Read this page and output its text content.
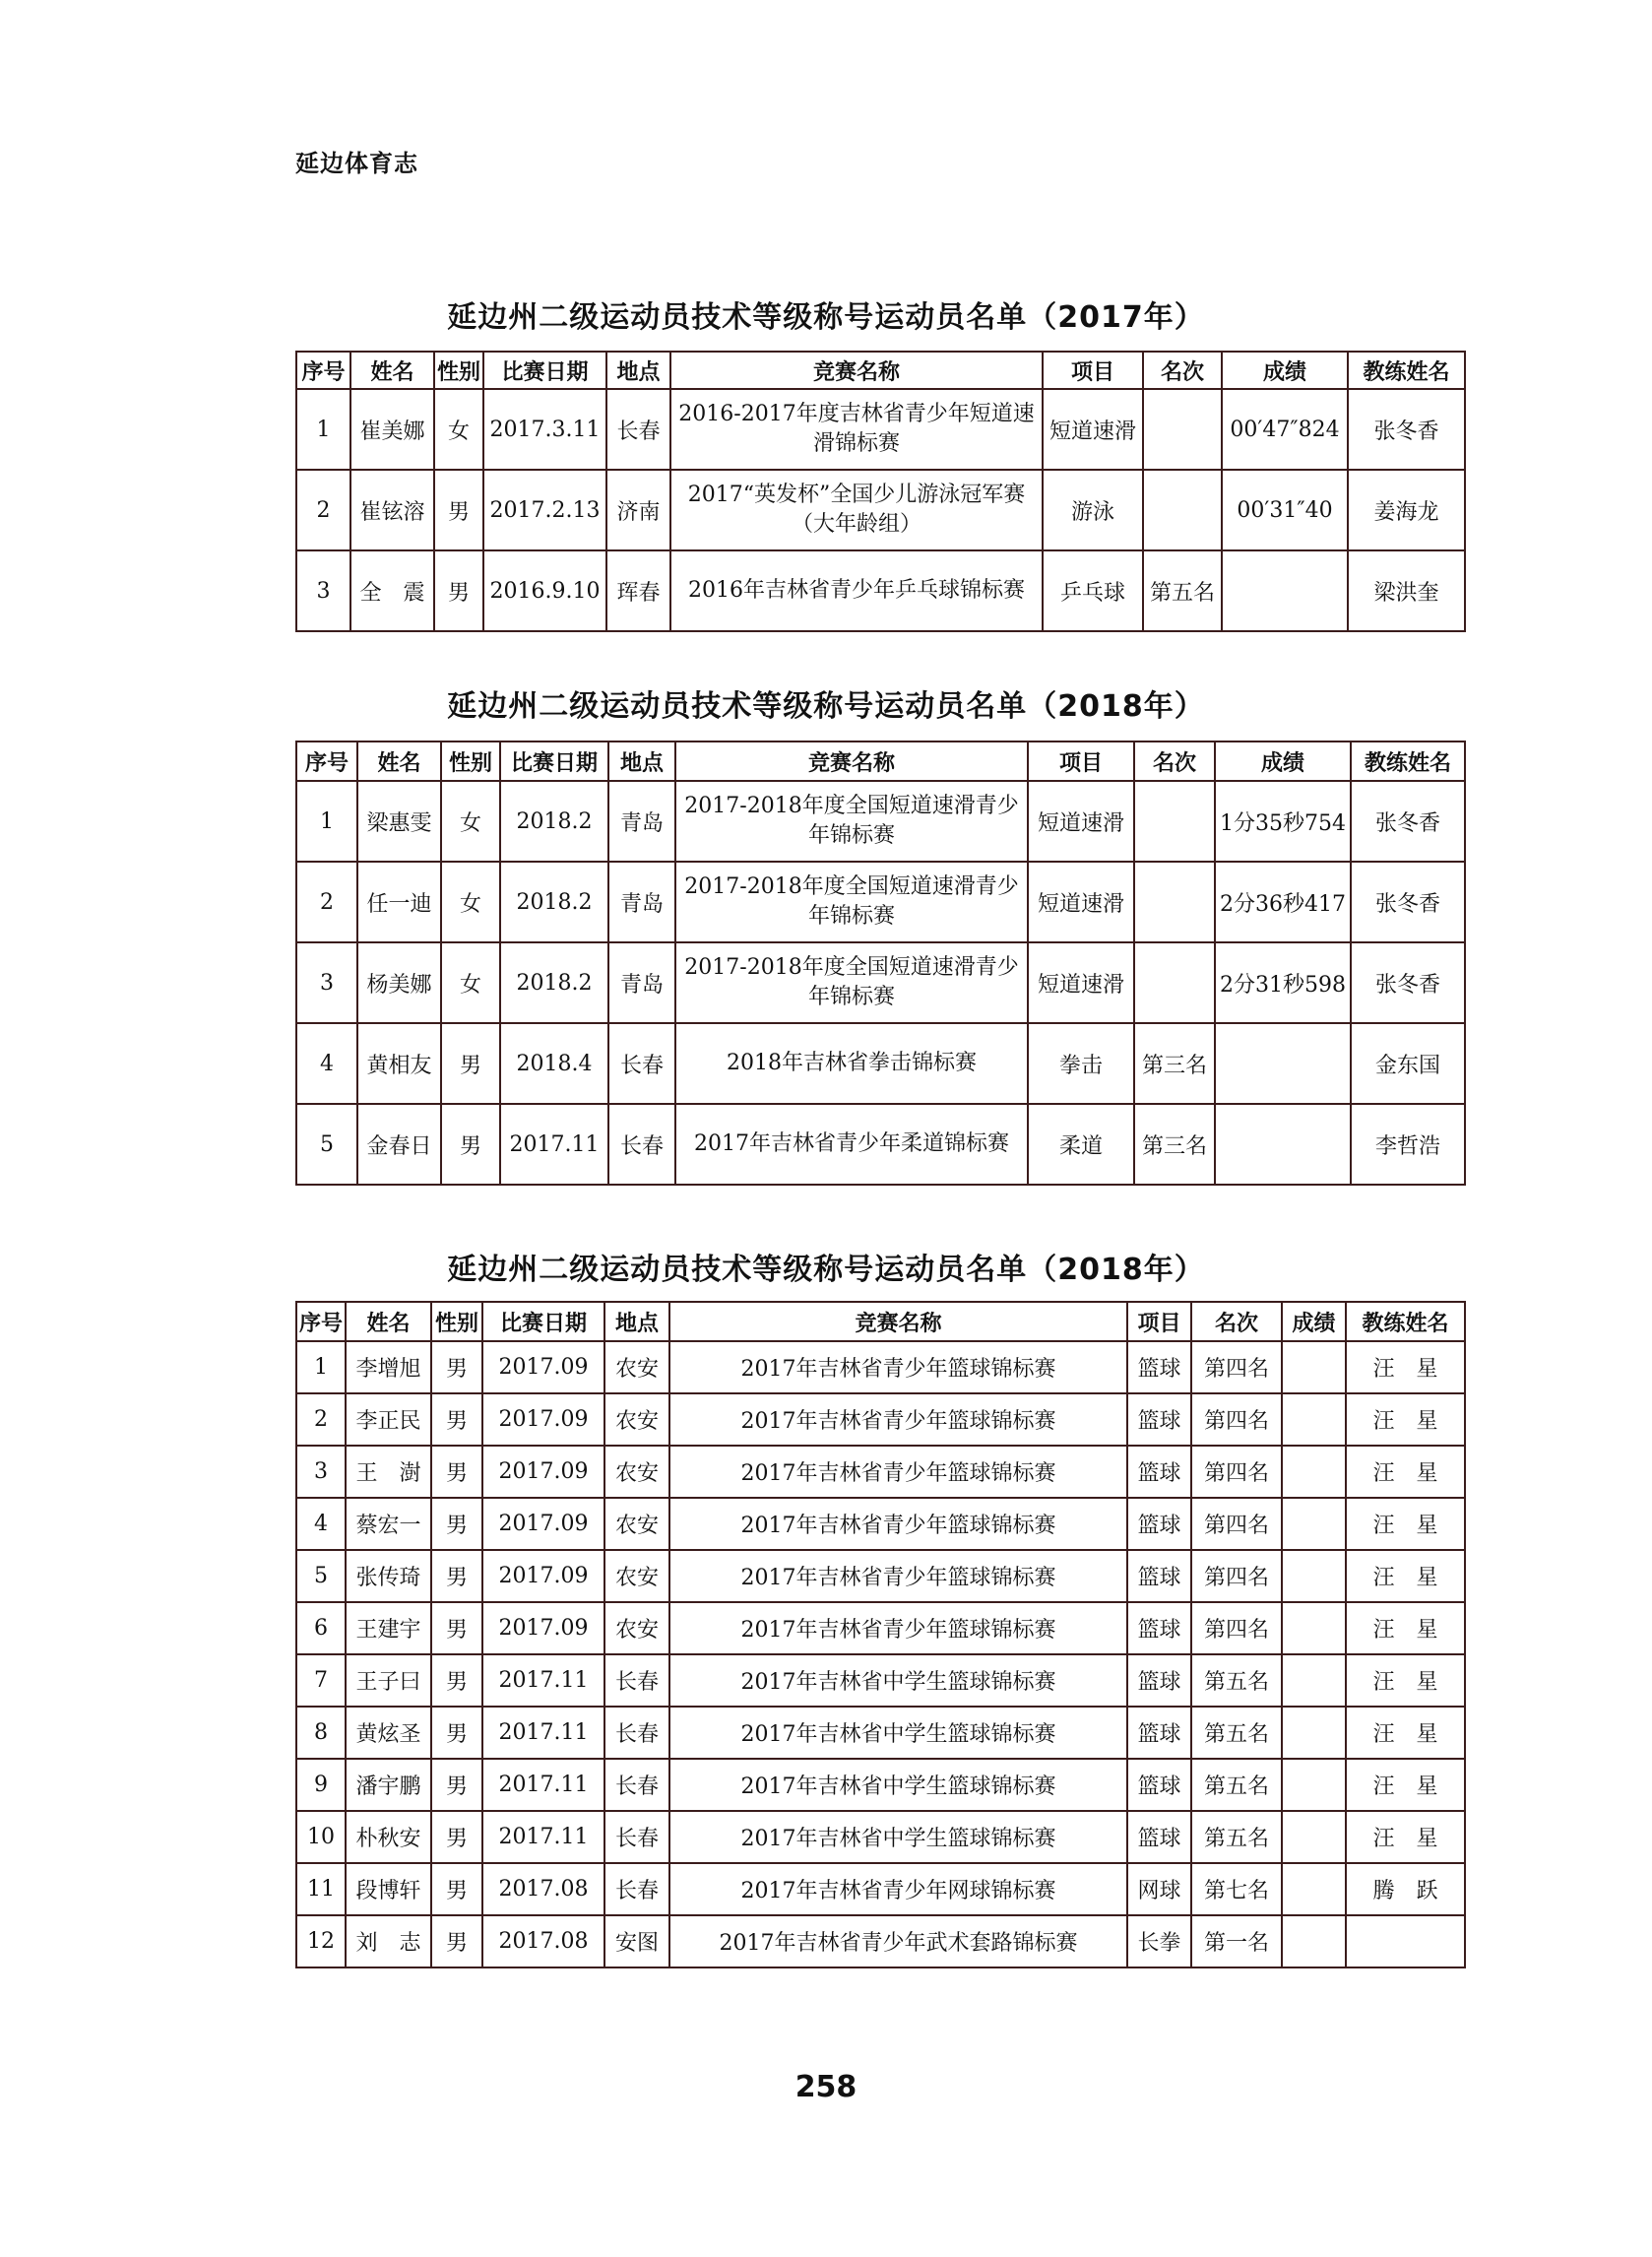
延边体育志
延边州二级运动员技术等级称号运动员名单（2017年）
序号	姓名	性别	比赛日期	地点	竞赛名称	项目	名次	成绩	教练姓名
1	崔美娜	女	2017.3.11	长春	2016-2017年度吉林省青少年短道速滑锦标赛	短道速滑		00′47″824	张冬香
2	崔铉溶	男	2017.2.13	济南	2017“英发杯”全国少儿游泳冠军赛（大年龄组）	游泳		00′31″40	姜海龙
3	全　震	男	2016.9.10	珲春	2016年吉林省青少年乒乓球锦标赛	乒乓球	第五名		梁洪奎
延边州二级运动员技术等级称号运动员名单（2018年）
序号	姓名	性别	比赛日期	地点	竞赛名称	项目	名次	成绩	教练姓名
1	梁惠雯	女	2018.2	青岛	2017-2018年度全国短道速滑青少年锦标赛	短道速滑		1分35秒754	张冬香
2	任一迪	女	2018.2	青岛	2017-2018年度全国短道速滑青少年锦标赛	短道速滑		2分36秒417	张冬香
3	杨美娜	女	2018.2	青岛	2017-2018年度全国短道速滑青少年锦标赛	短道速滑		2分31秒598	张冬香
4	黄相友	男	2018.4	长春	2018年吉林省拳击锦标赛	拳击	第三名		金东国
5	金春日	男	2017.11	长春	2017年吉林省青少年柔道锦标赛	柔道	第三名		李哲浩
延边州二级运动员技术等级称号运动员名单（2018年）
序号	姓名	性别	比赛日期	地点	竞赛名称	项目	名次	成绩	教练姓名
1	李增旭	男	2017.09	农安	2017年吉林省青少年篮球锦标赛	篮球	第四名		汪　星
2	李正民	男	2017.09	农安	2017年吉林省青少年篮球锦标赛	篮球	第四名		汪　星
3	王　澍	男	2017.09	农安	2017年吉林省青少年篮球锦标赛	篮球	第四名		汪　星
4	蔡宏一	男	2017.09	农安	2017年吉林省青少年篮球锦标赛	篮球	第四名		汪　星
5	张传琦	男	2017.09	农安	2017年吉林省青少年篮球锦标赛	篮球	第四名		汪　星
6	王建宇	男	2017.09	农安	2017年吉林省青少年篮球锦标赛	篮球	第四名		汪　星
7	王子曰	男	2017.11	长春	2017年吉林省中学生篮球锦标赛	篮球	第五名		汪　星
8	黄炫圣	男	2017.11	长春	2017年吉林省中学生篮球锦标赛	篮球	第五名		汪　星
9	潘宇鹏	男	2017.11	长春	2017年吉林省中学生篮球锦标赛	篮球	第五名		汪　星
10	朴秋安	男	2017.11	长春	2017年吉林省中学生篮球锦标赛	篮球	第五名		汪　星
11	段博轩	男	2017.08	长春	2017年吉林省青少年网球锦标赛	网球	第七名		腾　跃
12	刘　志	男	2017.08	安图	2017年吉林省青少年武术套路锦标赛	长拳	第一名		
258
